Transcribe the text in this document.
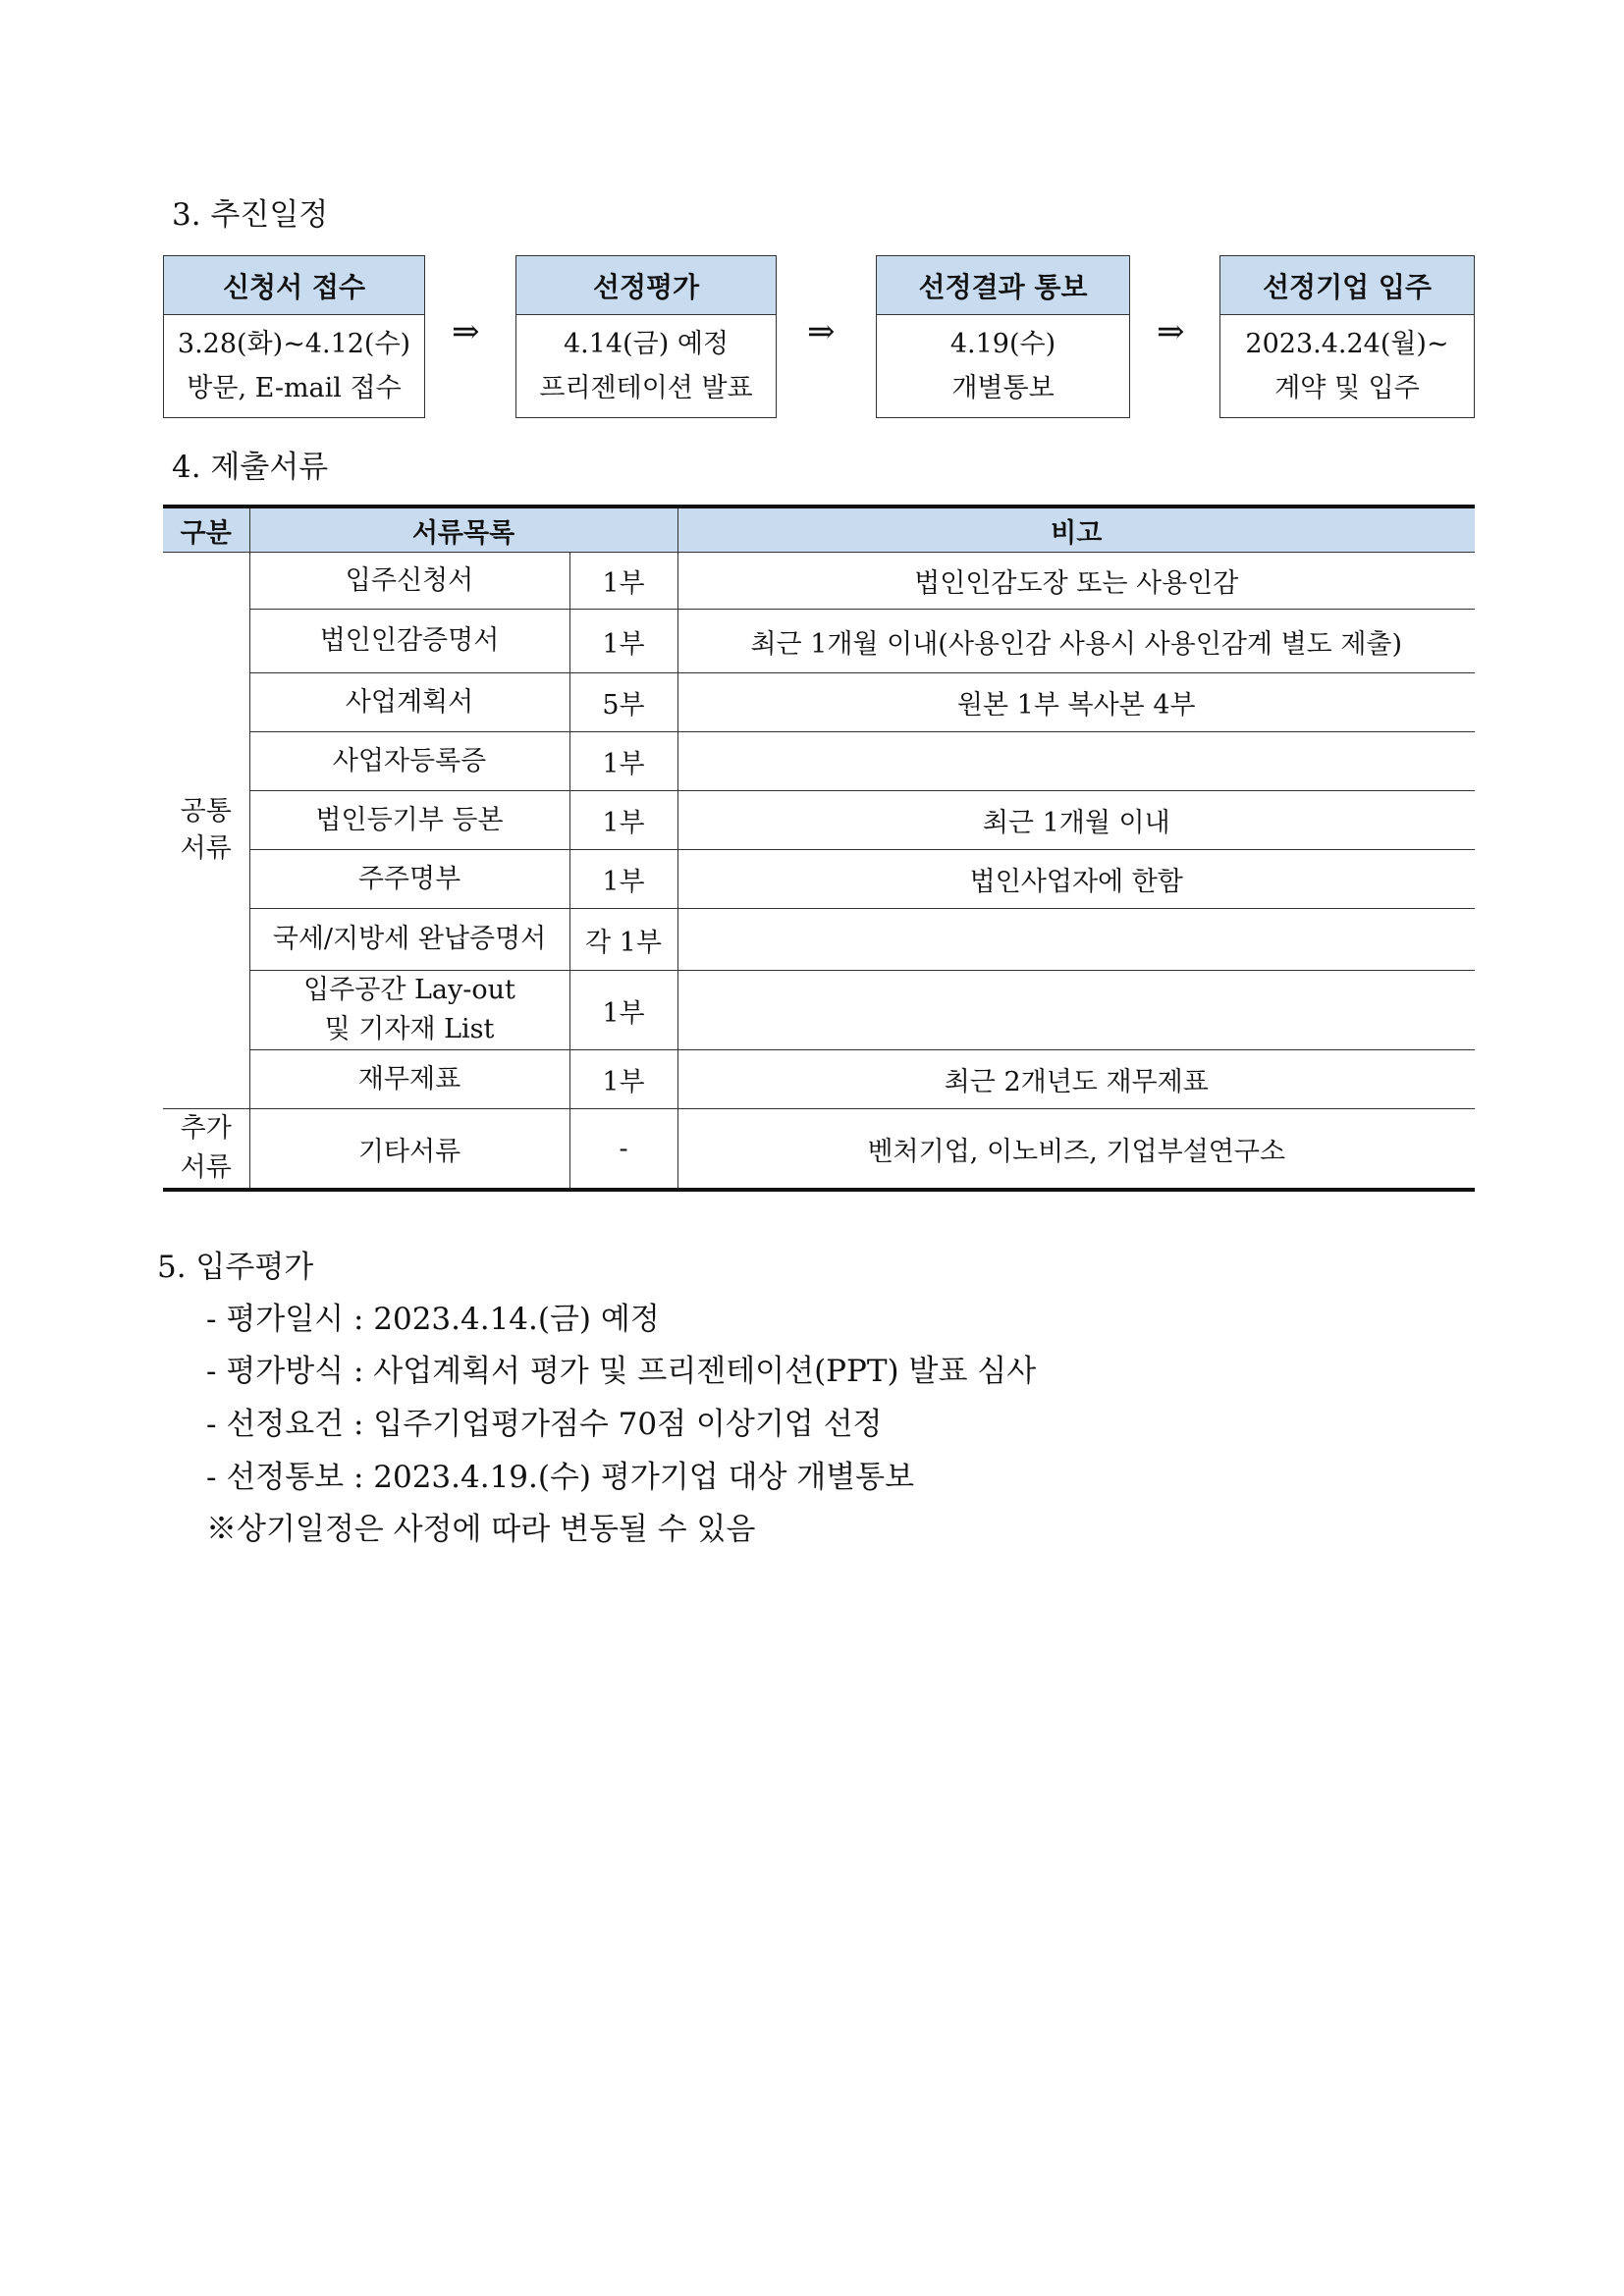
3. 추진일정
신청서 접수
3.28(화)~4.12(수)
방문, E-mail 접수
⇒
선정평가
4.14(금) 예정
프리젠테이션 발표
⇒
선정결과 통보
4.19(수)
개별통보
⇒
선정기업 입주
2023.4.24(월)~
계약 및 입주
4. 제출서류
구분	서류목록		비고
공통
서류	입주신청서	1부	법인인감도장 또는 사용인감
	법인인감증명서	1부	최근 1개월 이내(사용인감 사용시 사용인감계 별도 제출)
	사업계획서	5부	원본 1부 복사본 4부
	사업자등록증	1부	
	법인등기부 등본	1부	최근 1개월 이내
	주주명부	1부	법인사업자에 한함
	국세/지방세 완납증명서	각 1부	
	입주공간 Lay-out
및 기자재 List	1부	
	재무제표	1부	최근 2개년도 재무제표
추가
서류	기타서류	-	벤처기업, 이노비즈, 기업부설연구소
5. 입주평가
- 평가일시 : 2023.4.14.(금) 예정
- 평가방식 : 사업계획서 평가 및 프리젠테이션(PPT) 발표 심사
- 선정요건 : 입주기업평가점수 70점 이상기업 선정
- 선정통보 : 2023.4.19.(수) 평가기업 대상 개별통보
※상기일정은 사정에 따라 변동될 수 있음
